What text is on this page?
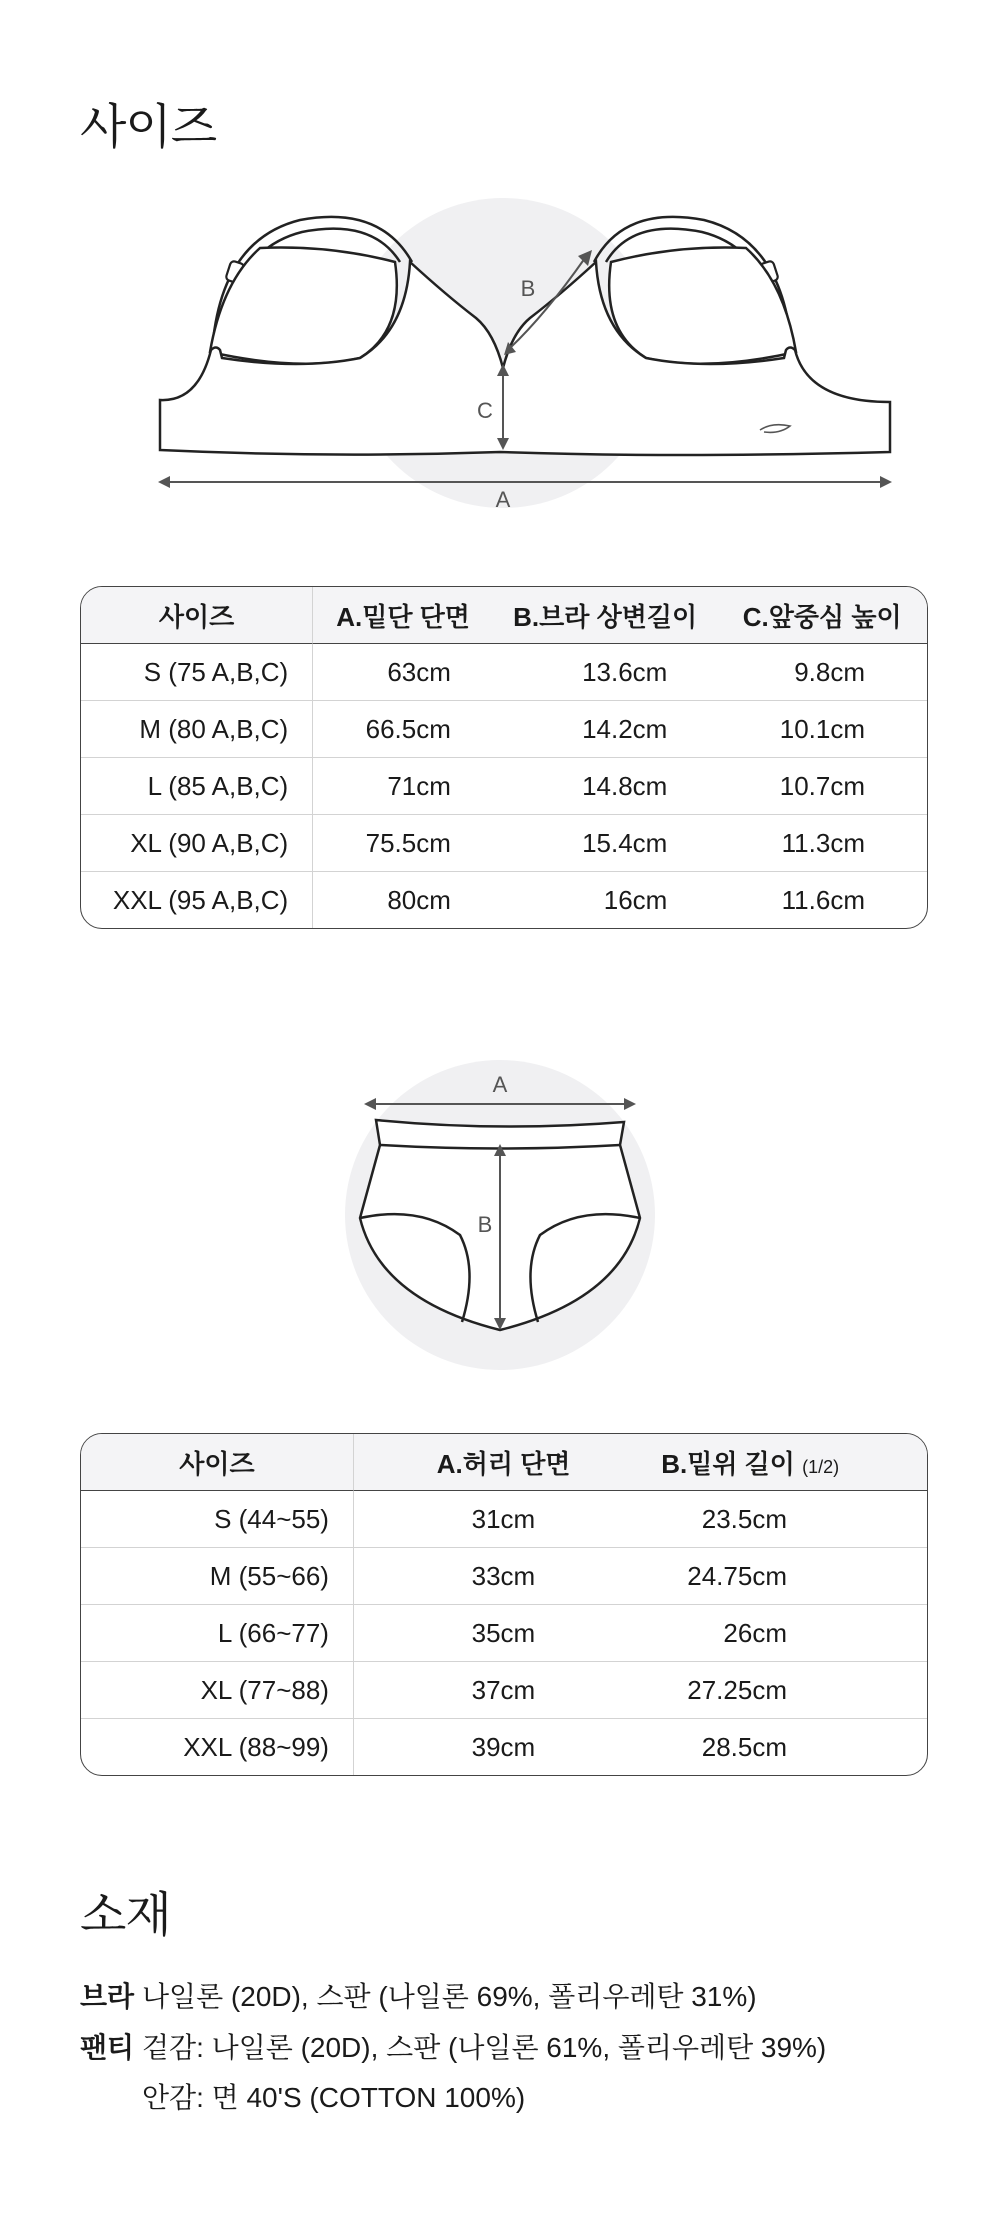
사이즈
C
B
A
사이즈	A.밑단 단면	B.브라 상변길이	C.앞중심 높이
S (75 A,B,C)	63cm	13.6cm	9.8cm
M (80 A,B,C)	66.5cm	14.2cm	10.1cm
L (85 A,B,C)	71cm	14.8cm	10.7cm
XL (90 A,B,C)	75.5cm	15.4cm	11.3cm
XXL (95 A,B,C)	80cm	16cm	11.6cm
A
B
사이즈	A.허리 단면	B.밑위 길이 (1/2)
S (44~55)	31cm	23.5cm
M (55~66)	33cm	24.75cm
L (66~77)	35cm	26cm
XL (77~88)	37cm	27.25cm
XXL (88~99)	39cm	28.5cm
소재
브라 나일론 (20D), 스판 (나일론 69%, 폴리우레탄 31%)
팬티 겉감: 나일론 (20D), 스판 (나일론 61%, 폴리우레탄 39%)
안감: 면 40'S (COTTON 100%)
